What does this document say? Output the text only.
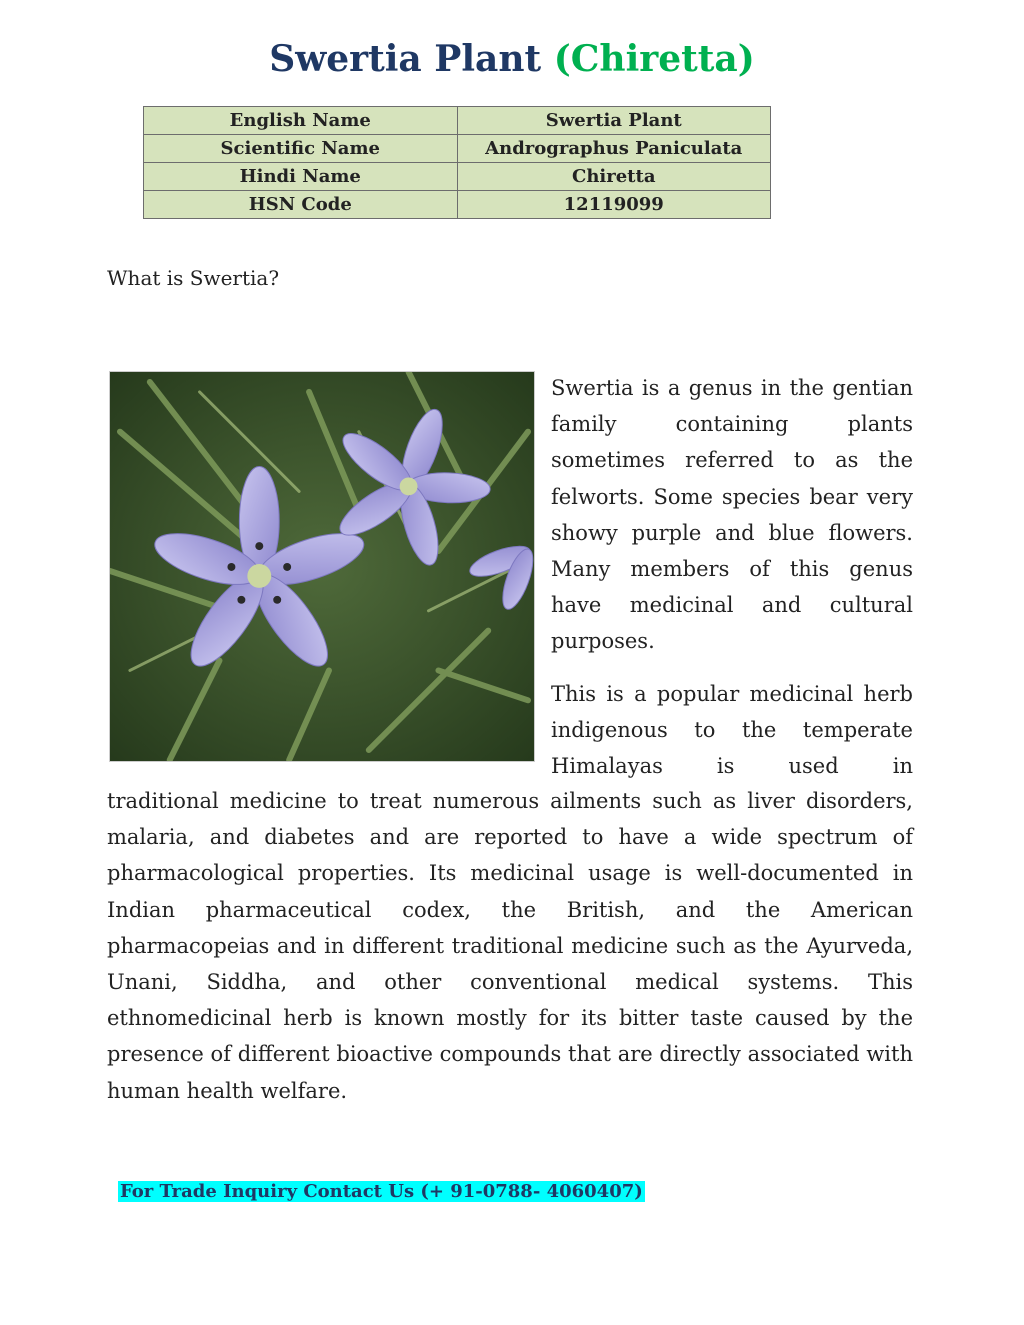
Swertia Plant (Chiretta)
English Name	Swertia Plant
Scientific Name	Andrographus Paniculata
Hindi Name	Chiretta
HSN Code	12119099

What is Swertia?

Swertia is a genus in the gentian family containing plants sometimes referred to as the felworts. Some species bear very showy purple and blue flowers. Many members of this genus have medicinal and cultural purposes.

This is a popular medicinal herb indigenous to the temperate Himalayas is used in

traditional medicine to treat numerous ailments such as liver disorders, malaria, and diabetes and are reported to have a wide spectrum of pharmacological properties. Its medicinal usage is well-documented in Indian pharmaceutical codex, the British, and the American pharmacopeias and in different traditional medicine such as the Ayurveda, Unani, Siddha, and other conventional medical systems. This ethnomedicinal herb is known mostly for its bitter taste caused by the presence of different bioactive compounds that are directly associated with human health welfare.

For Trade Inquiry Contact Us (+ 91-0788- 4060407)
